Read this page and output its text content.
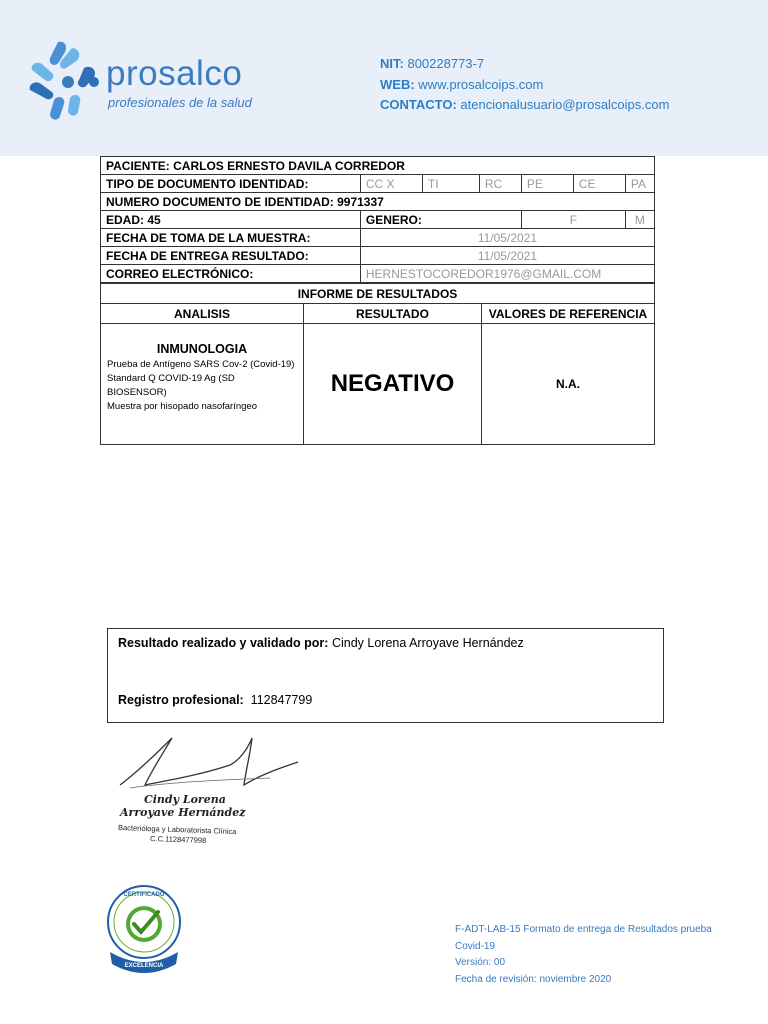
prosalco
profesionales de la salud
NIT: 800228773-7
WEB: www.prosalcoips.com
CONTACTO: atencionalusuario@prosalcoips.com
PACIENTE: CARLOS ERNESTO DAVILA CORREDOR						
TIPO DE DOCUMENTO IDENTIDAD:	CC X	TI	RC	PE	CE	PA
NUMERO DOCUMENTO DE IDENTIDAD: 9971337						
EDAD: 45	GENERO:			F		M
FECHA DE TOMA DE LA MUESTRA:	11/05/2021					
FECHA DE ENTREGA RESULTADO:	11/05/2021					
CORREO ELECTRÓNICO:	HERNESTOCOREDOR1976@GMAIL.COM					
INFORME DE RESULTADOS		
ANALISIS	RESULTADO	VALORES DE REFERENCIA

INMUNOLOGIA
Prueba de Antígeno SARS Cov-2 (Covid-19)
Standard Q COVID-19 Ag (SD BIOSENSOR)
Muestra por hisopado nasofaríngeo	NEGATIVO	N.A.
Resultado realizado y validado por: Cindy Lorena Arroyave Hernández
Registro profesional: 112847799
Cindy Lorena
Arroyave Hernández
Bacterióloga y Laboratorista Clínica
C.C.1128477998
CERTIFICADO
EXCELENCIA
F-ADT-LAB-15 Formato de entrega de Resultados prueba
Covid-19
Versión: 00
Fecha de revisión: noviembre 2020
